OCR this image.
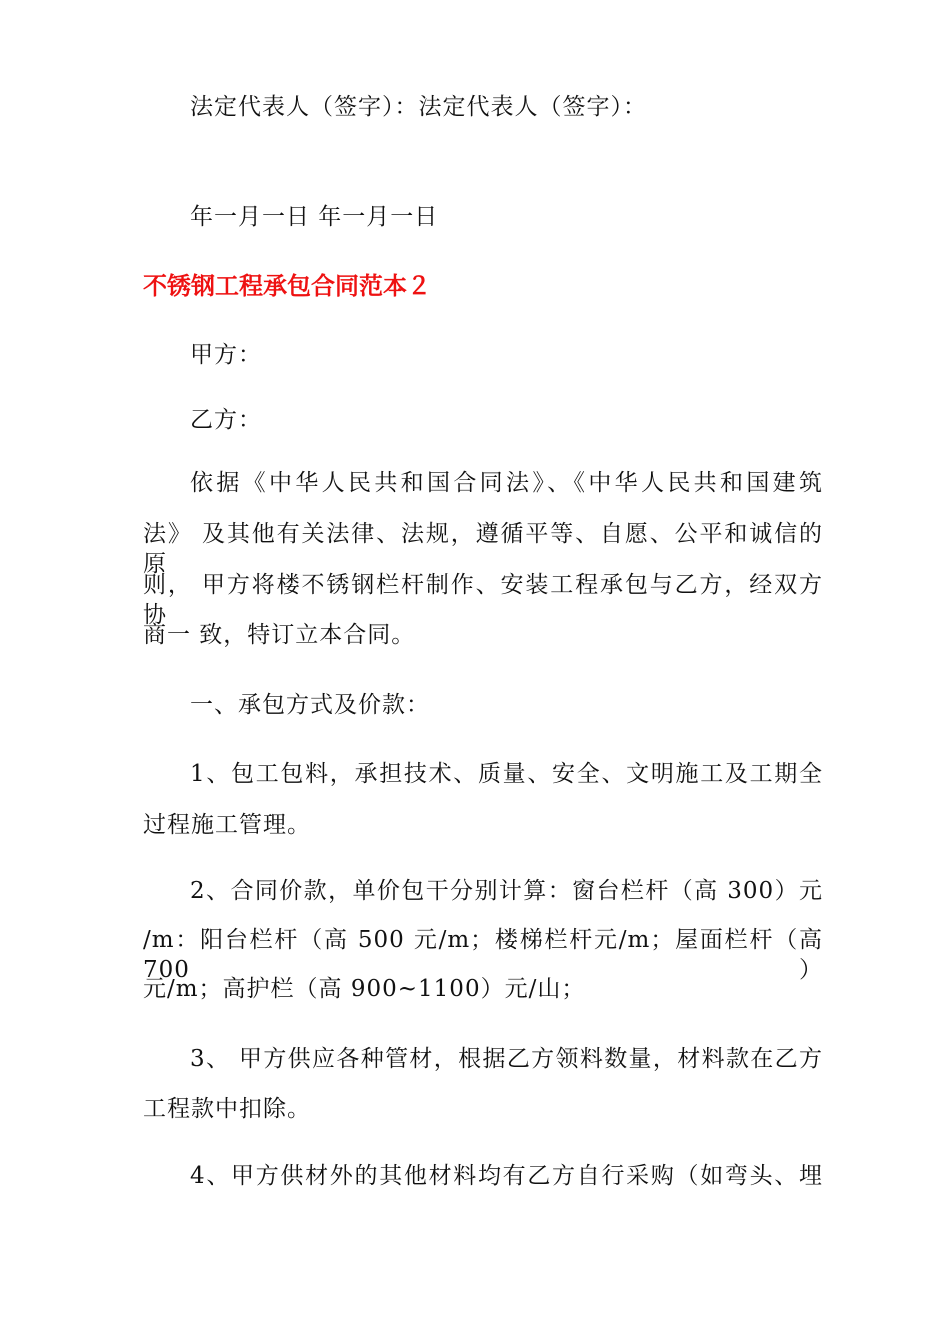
法定代表人（签字）：法定代表人（签字）：
年一月一日 年一月一日
不锈钢工程承包合同范本２
甲方：
乙方：
依据《中华人民共和国合同法》、《中华人民共和国建筑
法》 及其他有关法律、法规，遵循平等、自愿、公平和诚信的原
则， 甲方将楼不锈钢栏杆制作、安装工程承包与乙方，经双方协
商一 致，特订立本合同。
一、承包方式及价款：
1、包工包料，承担技术、质量、安全、文明施工及工期全
过程施工管理。
2、合同价款，单价包干分别计算：窗台栏杆（高 300）元
/m：阳台栏杆（高 500 元/m；楼梯栏杆元/m；屋面栏杆（高 700）
元/m；高护栏（高 900~1100）元/山；
3、 甲方供应各种管材，根据乙方领料数量，材料款在乙方
工程款中扣除。
4、甲方供材外的其他材料均有乙方自行采购（如弯头、埋
